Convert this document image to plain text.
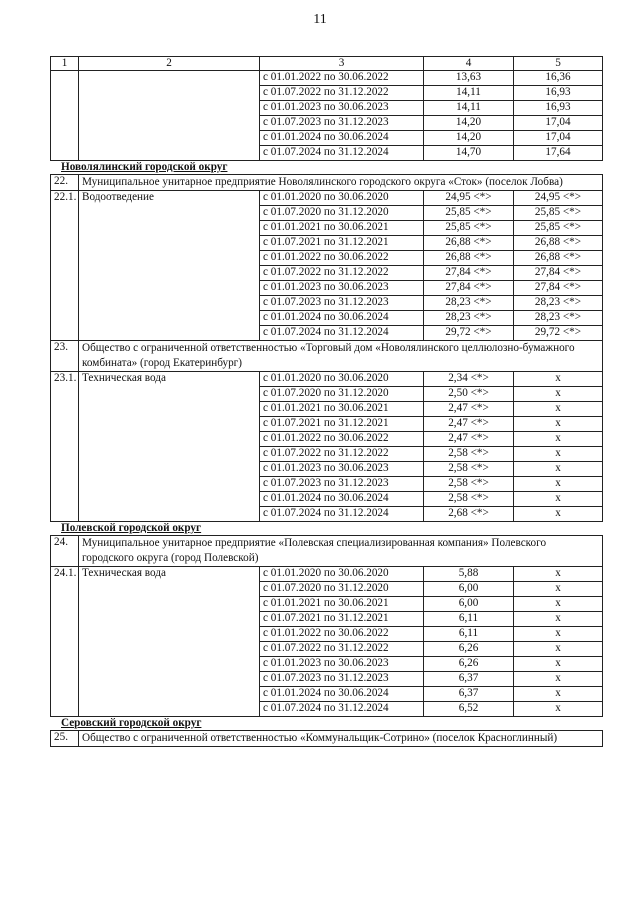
11
1	2	3	4	5
		с 01.01.2022 по 30.06.2022	13,63	16,36
		с 01.07.2022 по 31.12.2022	14,11	16,93
		с 01.01.2023 по 30.06.2023	14,11	16,93
		с 01.07.2023 по 31.12.2023	14,20	17,04
		с 01.01.2024 по 30.06.2024	14,20	17,04
		с 01.07.2024 по 31.12.2024	14,70	17,64
Новолялинский городской округ				
22.	Муниципальное унитарное предприятие Новолялинского городского округа «Сток» (поселок Лобва)			
22.1.	Водоотведение	с 01.01.2020 по 30.06.2020	24,95 <*>	24,95 <*>
		с 01.07.2020 по 31.12.2020	25,85 <*>	25,85 <*>
		с 01.01.2021 по 30.06.2021	25,85 <*>	25,85 <*>
		с 01.07.2021 по 31.12.2021	26,88 <*>	26,88 <*>
		с 01.01.2022 по 30.06.2022	26,88 <*>	26,88 <*>
		с 01.07.2022 по 31.12.2022	27,84 <*>	27,84 <*>
		с 01.01.2023 по 30.06.2023	27,84 <*>	27,84 <*>
		с 01.07.2023 по 31.12.2023	28,23 <*>	28,23 <*>
		с 01.01.2024 по 30.06.2024	28,23 <*>	28,23 <*>
		с 01.07.2024 по 31.12.2024	29,72 <*>	29,72 <*>
23.	Общество с ограниченной ответственностью «Торговый дом «Новолялинского целлюлозно-бумажного комбината» (город Екатеринбург)			
23.1.	Техническая вода	с 01.01.2020 по 30.06.2020	2,34 <*>	x
		с 01.07.2020 по 31.12.2020	2,50 <*>	x
		с 01.01.2021 по 30.06.2021	2,47 <*>	x
		с 01.07.2021 по 31.12.2021	2,47 <*>	x
		с 01.01.2022 по 30.06.2022	2,47 <*>	x
		с 01.07.2022 по 31.12.2022	2,58 <*>	x
		с 01.01.2023 по 30.06.2023	2,58 <*>	x
		с 01.07.2023 по 31.12.2023	2,58 <*>	x
		с 01.01.2024 по 30.06.2024	2,58 <*>	x
		с 01.07.2024 по 31.12.2024	2,68 <*>	x
Полевской городской округ				
24.	Муниципальное унитарное предприятие «Полевская специализированная компания» Полевского городского округа (город Полевской)			
24.1.	Техническая вода	с 01.01.2020 по 30.06.2020	5,88	x
		с 01.07.2020 по 31.12.2020	6,00	x
		с 01.01.2021 по 30.06.2021	6,00	x
		с 01.07.2021 по 31.12.2021	6,11	x
		с 01.01.2022 по 30.06.2022	6,11	x
		с 01.07.2022 по 31.12.2022	6,26	x
		с 01.01.2023 по 30.06.2023	6,26	x
		с 01.07.2023 по 31.12.2023	6,37	x
		с 01.01.2024 по 30.06.2024	6,37	x
		с 01.07.2024 по 31.12.2024	6,52	x
Серовский городской округ				
25.	Общество с ограниченной ответственностью «Коммунальщик-Сотрино» (поселок Красноглинный)			
